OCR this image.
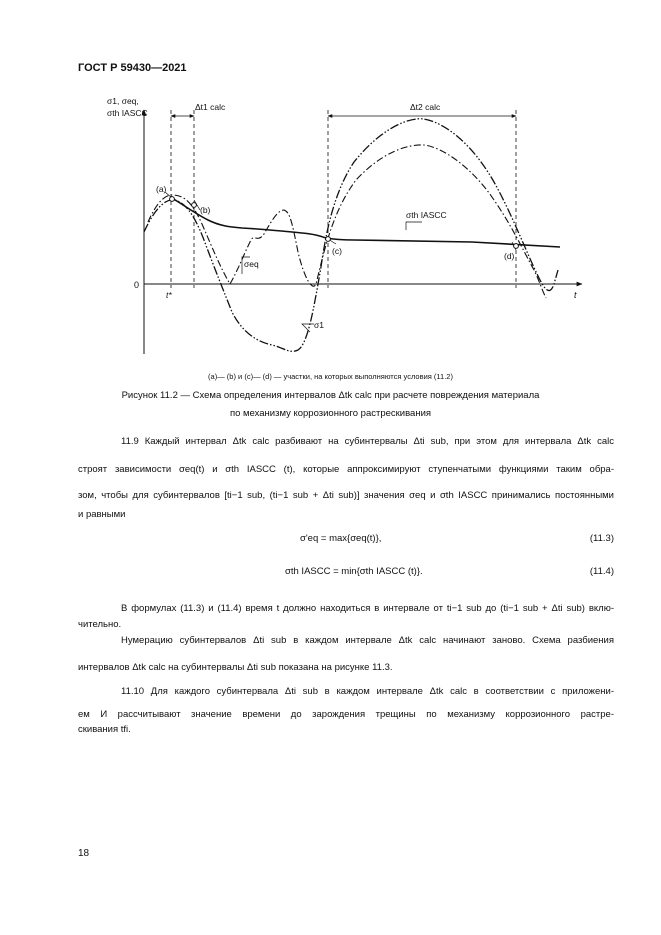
ГОСТ Р 59430—2021
σ1, σeq,
σth IASCC
t
0
t*
Δt1 calc	Δt2 calc
(a)
(b)
(c)	(d)
σeq
σ1
σth IASCC
(a)— (b) и (c)— (d) — участки, на которых выполняются условия (11.2)
Рисунок 11.2 — Схема определения интервалов Δtk calc при расчете повреждения материала
по механизму коррозионного растрескивания
11.9 Каждый интервал Δtk calc разбивают на субинтервалы Δti sub, при этом для интервала Δtk calc
строят зависимости σeq(t) и σth IASCC (t), которые аппроксимируют ступенчатыми функциями таким обра-
зом, чтобы для субинтервалов [ti−1 sub, (ti−1 sub + Δti sub)] значения σeq и σth IASCC принимались постоянными
и равными
σ'eq = max{σeq(t)},	(11.3)
σth IASCC = min{σth IASCC (t)}.	(11.4)
В формулах (11.3) и (11.4) время t должно находиться в интервале от ti−1 sub до (ti−1 sub + Δti sub) вклю-
чительно.
Нумерацию субинтервалов Δti sub в каждом интервале Δtk calc начинают заново. Схема разбиения
интервалов Δtk calc на субинтервалы Δti sub показана на рисунке 11.3.
11.10 Для каждого субинтервала Δti sub в каждом интервале Δtk calc в соответствии с приложени-
ем И рассчитывают значение времени до зарождения трещины по механизму коррозионного растре-
скивания tfi.
18
